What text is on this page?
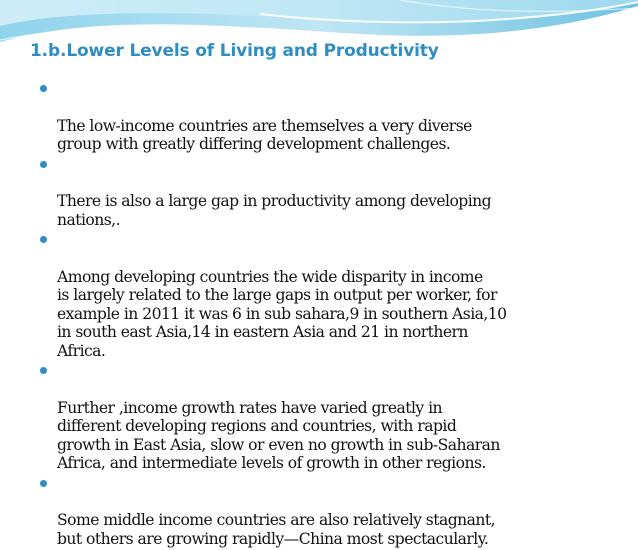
1.b.Lower Levels of Living and Productivity

The low-income countries are themselves a very diverse
group with greatly differing development challenges.

There is also a large gap in productivity among developing
nations,.

Among developing countries the wide disparity in income
is largely related to the large gaps in output per worker, for
example in 2011 it was 6 in sub sahara,9 in southern Asia,10
in south east Asia,14 in eastern Asia and 21 in northern
Africa.

Further ,income growth rates have varied greatly in
different developing regions and countries, with rapid
growth in East Asia, slow or even no growth in sub-Saharan
Africa, and intermediate levels of growth in other regions.

Some middle income countries are also relatively stagnant,
but others are growing rapidly—China most spectacularly.
